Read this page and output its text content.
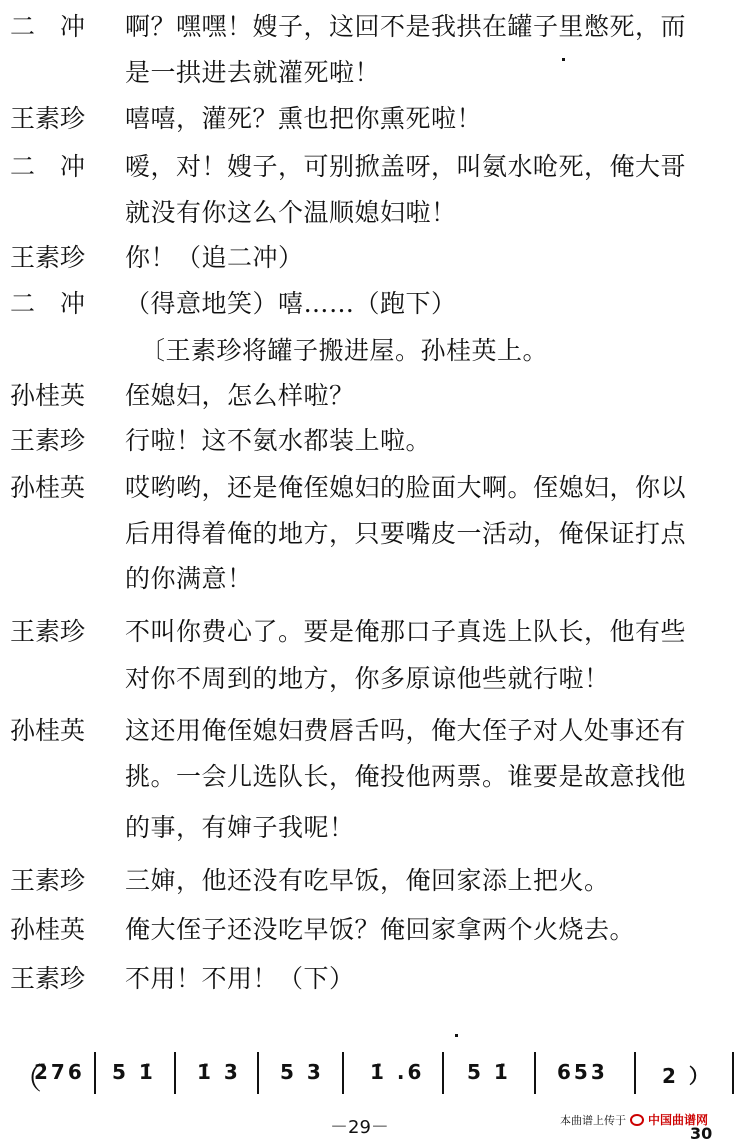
二　冲	啊？嘿嘿！嫂子，这回不是我拱在罐子里憋死，而
是一拱进去就灌死啦！
王素珍	嘻嘻，灌死？熏也把你熏死啦！
二　冲	嗳，对！嫂子，可别掀盖呀，叫氨水呛死，俺大哥
就没有你这么个温顺媳妇啦！
王素珍	你！（追二冲）
二　冲	（得意地笑）嘻……（跑下）
〔王素珍将罐子搬进屋。孙桂英上。
孙桂英	侄媳妇，怎么样啦？
王素珍	行啦！这不氨水都装上啦。
孙桂英	哎哟哟，还是俺侄媳妇的脸面大啊。侄媳妇，你以
后用得着俺的地方，只要嘴皮一活动，俺保证打点
的你满意！
王素珍	不叫你费心了。要是俺那口子真选上队长，他有些
对你不周到的地方，你多原谅他些就行啦！
孙桂英	这还用俺侄媳妇费唇舌吗，俺大侄子对人处事还有
挑。一会儿选队长，俺投他两票。谁要是故意找他
的事，有婶子我呢！
王素珍	三婶，他还没有吃早饭，俺回家添上把火。
孙桂英	俺大侄子还没吃早饭？俺回家拿两个火烧去。
王素珍	不用！不用！（下）
（
2̇76 5 1̇ 1̇ 3 5 3 1̇ .6 5 1̇ 653	2 ）
－29－	本曲谱上传于 中国曲谱网
30
